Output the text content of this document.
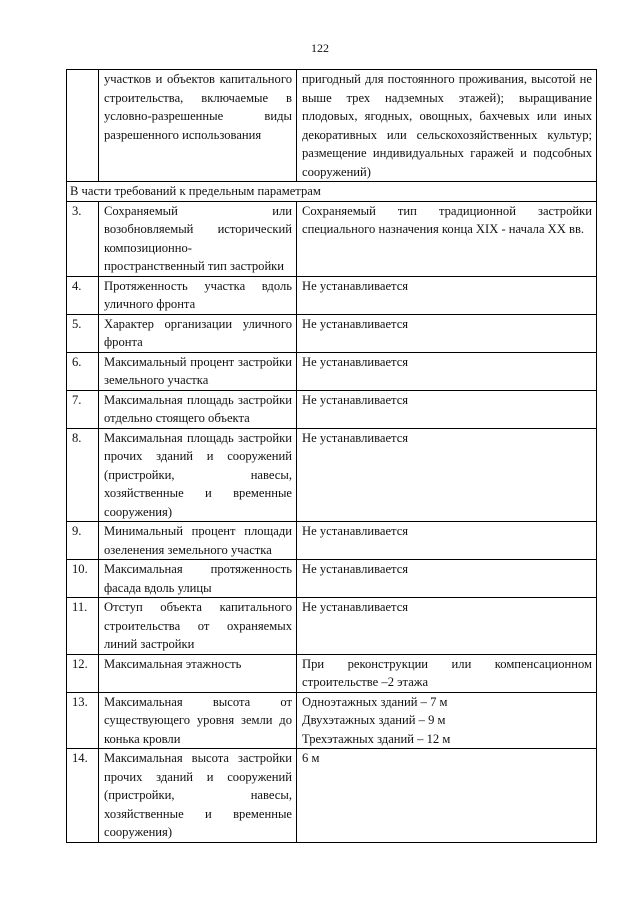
122
	участков и объектов капитального строительства, включаемые в условно-разрешенные виды разрешенного использования	пригодный для постоянного проживания, высотой не выше трех надземных этажей); выращивание плодовых, ягодных, овощных, бахчевых или иных декоративных или сельскохозяйственных культур; размещение индивидуальных гаражей и подсобных сооружений)
В части требований к предельным параметрам		
3.	Сохраняемый или возобновляемый исторический композиционно-пространственный тип застройки	Сохраняемый тип традиционной застройки специального назначения конца XIX - начала XX вв.
4.	Протяженность участка вдоль уличного фронта	Не устанавливается
5.	Характер организации уличного фронта	Не устанавливается
6.	Максимальный процент застройки земельного участка	Не устанавливается
7.	Максимальная площадь застройки отдельно стоящего объекта	Не устанавливается
8.	Максимальная площадь застройки прочих зданий и сооружений (пристройки, навесы, хозяйственные и временные сооружения)	Не устанавливается
9.	Минимальный процент площади озеленения земельного участка	Не устанавливается
10.	Максимальная протяженность фасада вдоль улицы	Не устанавливается
11.	Отступ объекта капитального строительства от охраняемых линий застройки	Не устанавливается
12.	Максимальная этажность	При реконструкции или компенсационном строительстве –2 этажа
13.	Максимальная высота от существующего уровня земли до конька кровли	Одноэтажных зданий – 7 м
Двухэтажных зданий – 9 м
Трехэтажных зданий – 12 м

14.	Максимальная высота застройки прочих зданий и сооружений (пристройки, навесы, хозяйственные и временные сооружения)	6 м
